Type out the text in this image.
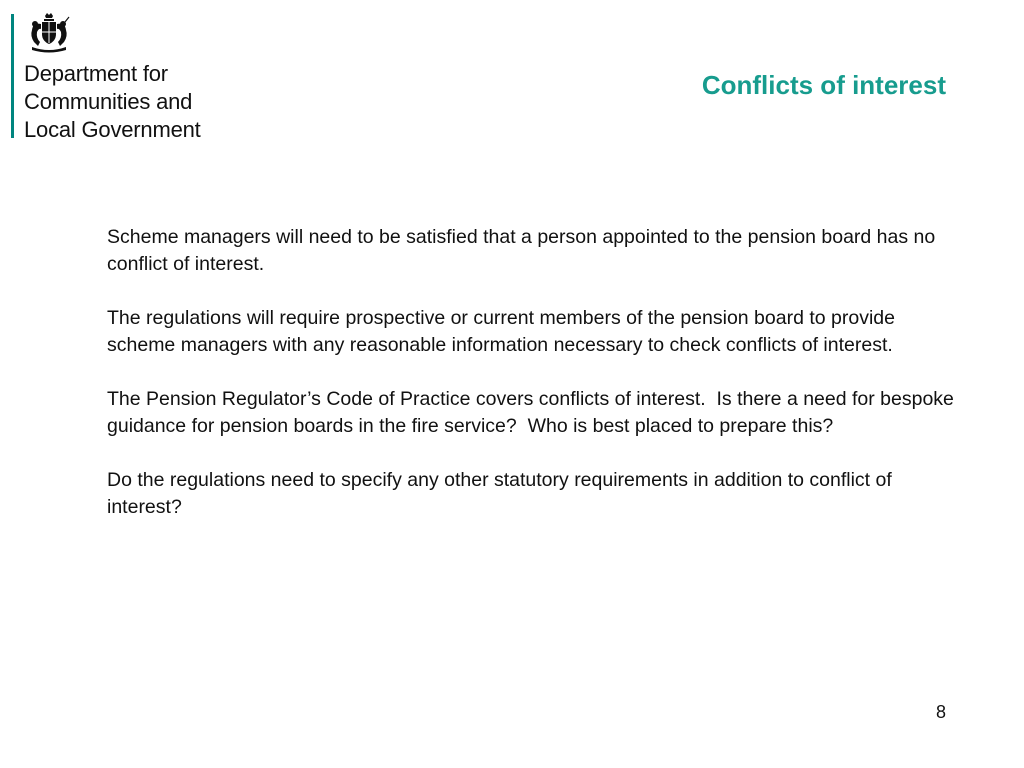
Department for
Communities and
Local Government
Conflicts of interest

Scheme managers will need to be satisfied that a person appointed to the pension board has no conflict of interest.

The regulations will require prospective or current members of the pension board to provide scheme managers with any reasonable information necessary to check conflicts of interest.

The Pension Regulator’s Code of Practice covers conflicts of interest.  Is there a need for bespoke guidance for pension boards in the fire service?  Who is best placed to prepare this?

Do the regulations need to specify any other statutory requirements in addition to conflict of interest?

8
